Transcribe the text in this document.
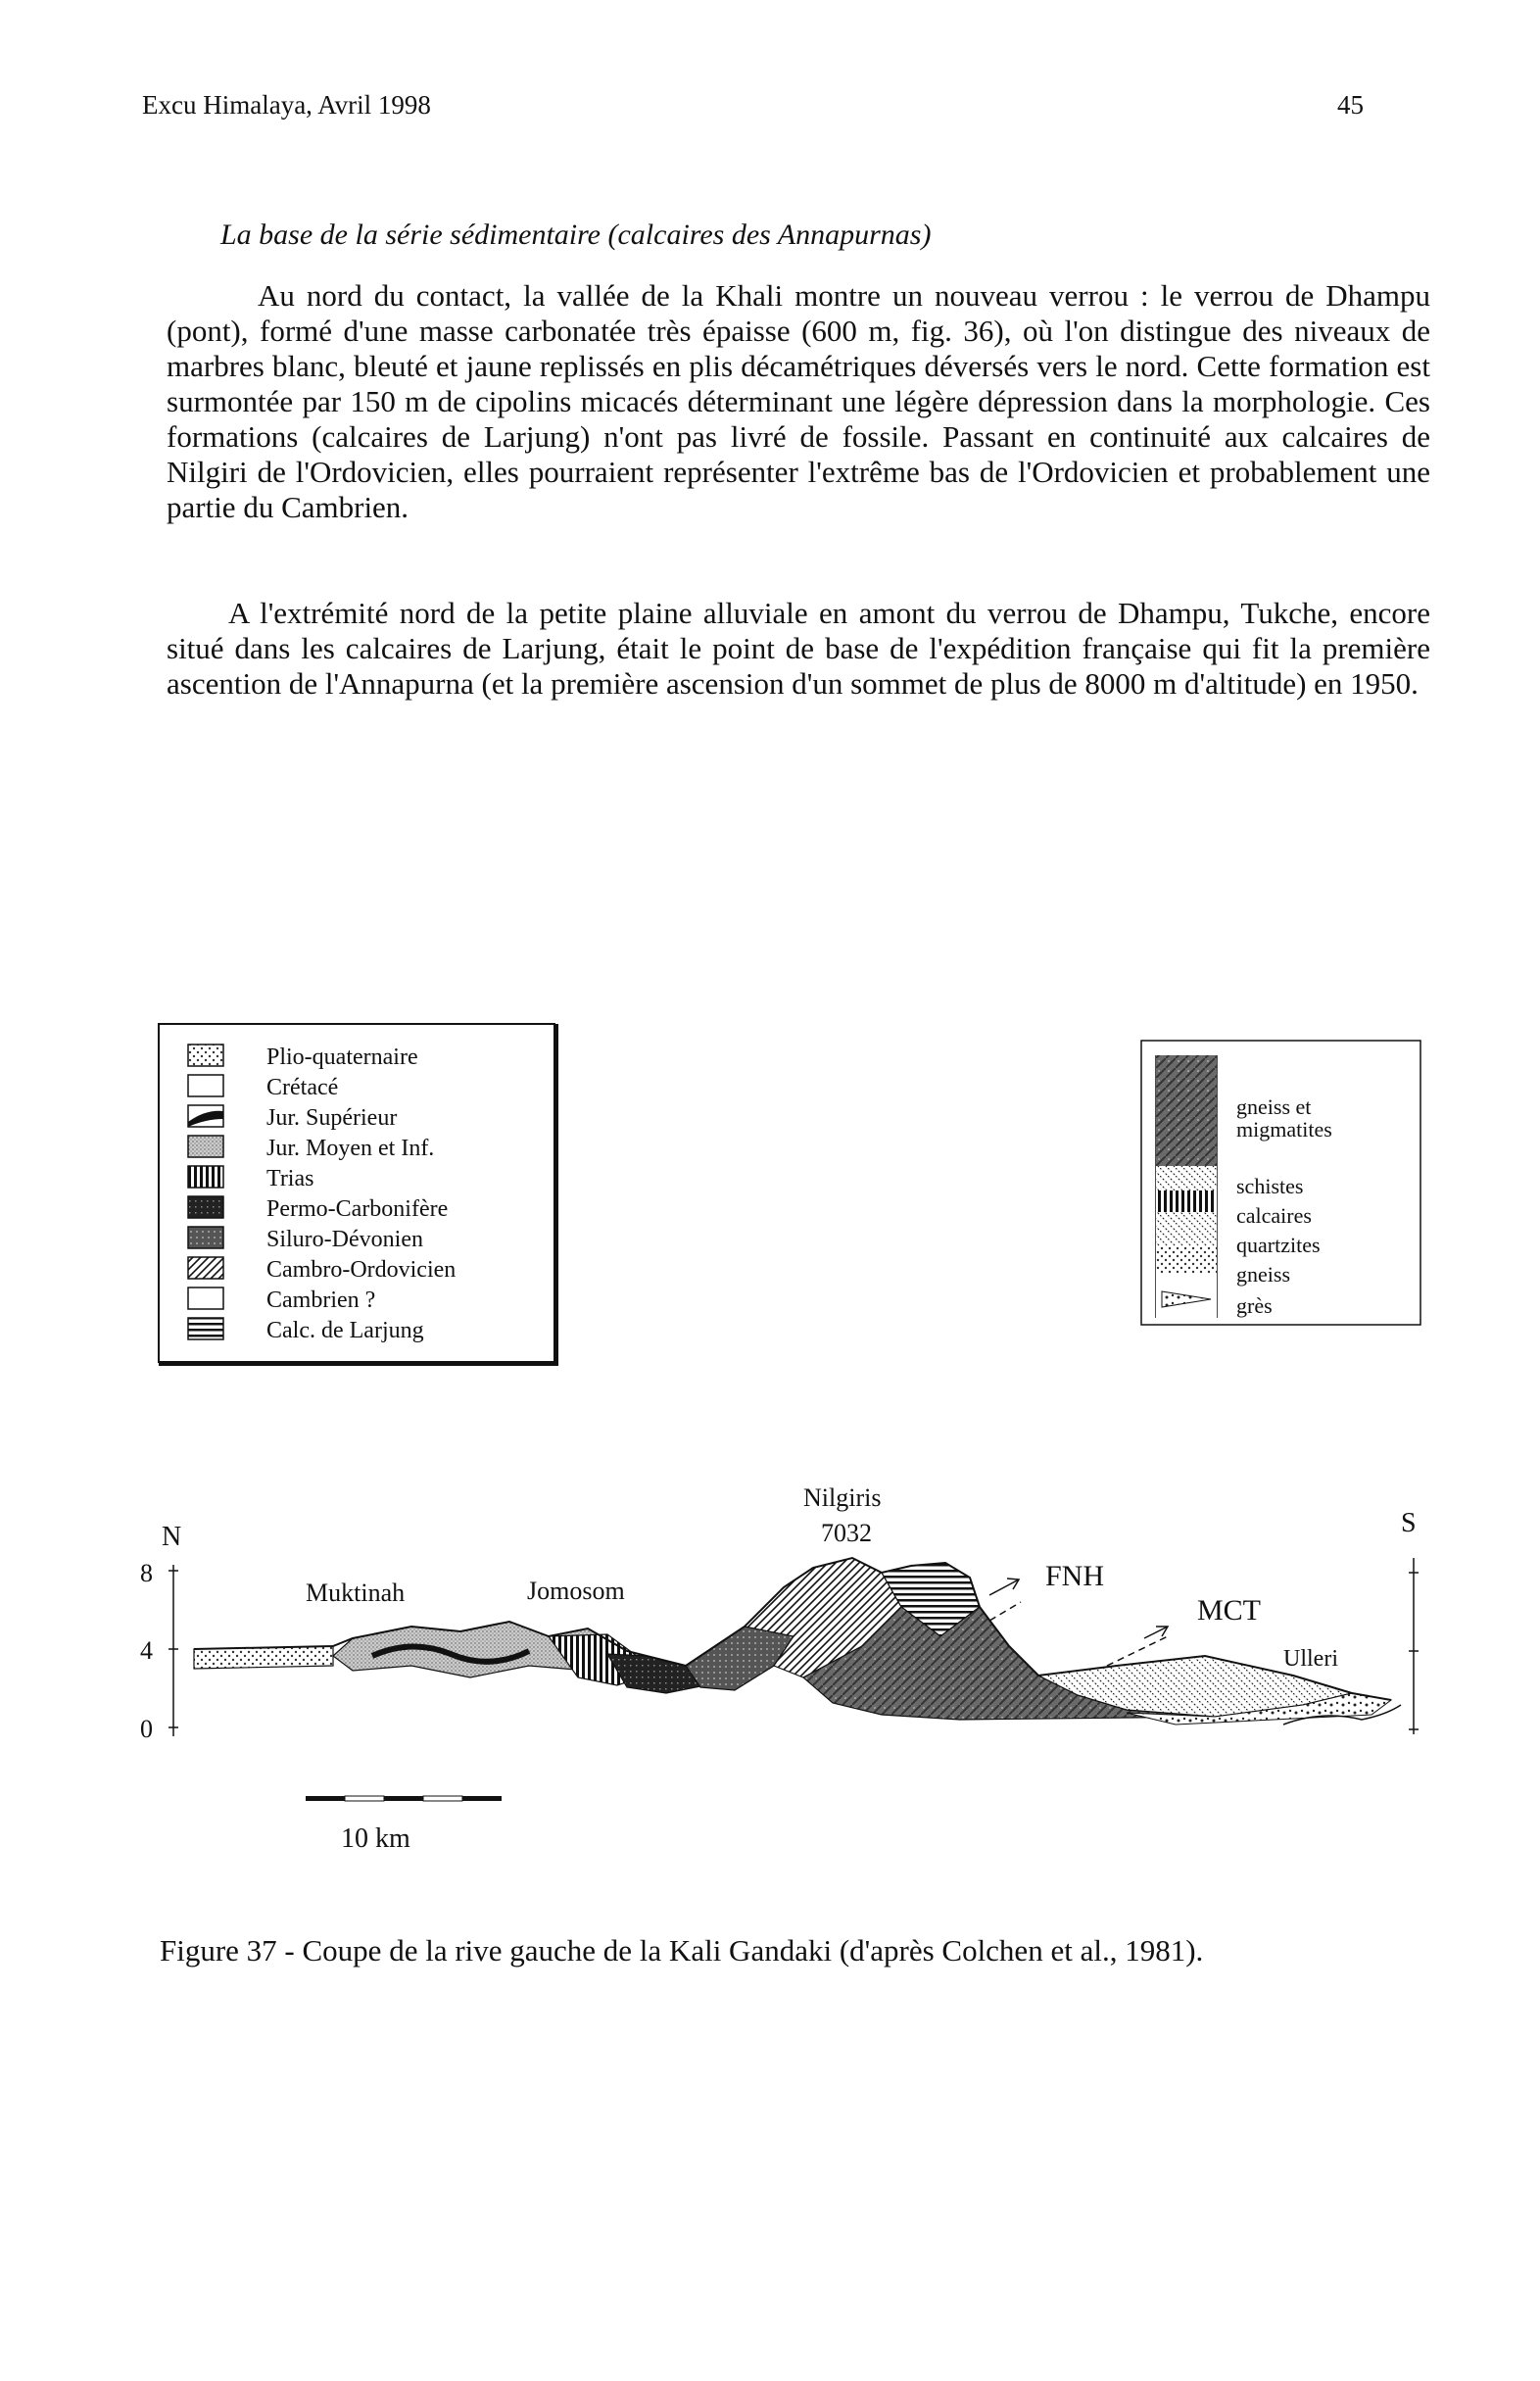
Excu Himalaya, Avril 1998	45
La base de la série sédimentaire (calcaires des Annapurnas)

Au nord du contact, la vallée de la Khali montre un nouveau verrou : le verrou de Dhampu (pont), formé d'une masse carbonatée très épaisse (600 m, fig. 36), où l'on distingue des niveaux de marbres blanc, bleuté et jaune replissés en plis décamétriques déversés vers le nord. Cette formation est surmontée par 150 m de cipolins micacés déterminant une légère dépression dans la morphologie. Ces formations (calcaires de Larjung) n'ont pas livré de fossile. Passant en continuité aux calcaires de Nilgiri de l'Ordovicien, elles pourraient représenter l'extrême bas de l'Ordovicien et probablement une partie du Cambrien.

A l'extrémité nord de la petite plaine alluviale en amont du verrou de Dhampu, Tukche, encore situé dans les calcaires de Larjung, était le point de base de l'expédition française qui fit la première ascention de l'Annapurna (et la première ascension d'un sommet de plus de 8000 m d'altitude) en 1950.

Plio-quaternaire
Crétacé
Jur. Supérieur
Jur. Moyen et Inf.
Trias
Permo-Carbonifère
Siluro-Dévonien
Cambro-Ordovicien
Cambrien ?
Calc. de Larjung
gneiss et
migmatites
schistes
calcaires
quartzites
gneiss
grès
N	S
Nilgiris
7032
8
4
0
Muktinah	Jomosom
Ulleri
FNH
MCT
10 km
Figure 37 - Coupe de la rive gauche de la Kali Gandaki (d'après Colchen et al., 1981).
